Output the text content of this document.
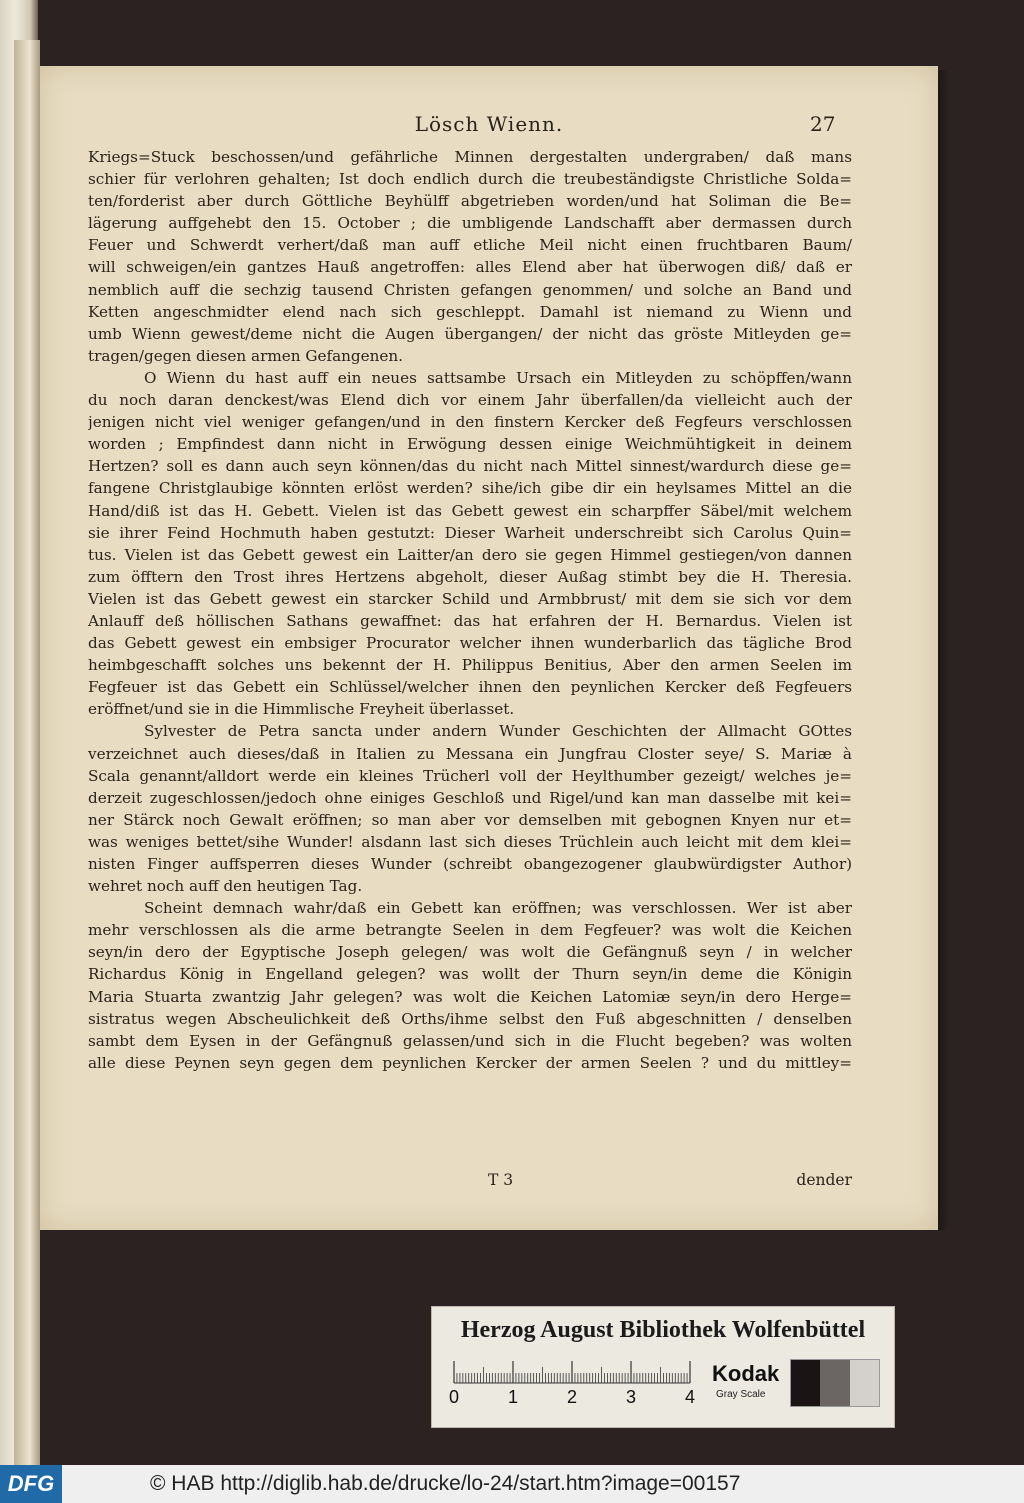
Lösch Wienn.	27
Kriegs=Stuck beschossen/und gefährliche Minnen dergestalten undergraben/ daß mans
schier für verlohren gehalten; Ist doch endlich durch die treubeständigste Christliche Solda=
ten/forderist aber durch Göttliche Beyhülff abgetrieben worden/und hat Soliman die Be=
lägerung auffgehebt den 15. October ; die umbligende Landschafft aber dermassen durch
Feuer und Schwerdt verhert/daß man auff etliche Meil nicht einen fruchtbaren Baum/
will schweigen/ein gantzes Hauß angetroffen: alles Elend aber hat überwogen diß/ daß er
nemblich auff die sechzig tausend Christen gefangen genommen/ und solche an Band und
Ketten angeschmidter elend nach sich geschleppt. Damahl ist niemand zu Wienn und
umb Wienn gewest/deme nicht die Augen übergangen/ der nicht das gröste Mitleyden ge=
tragen/gegen diesen armen Gefangenen.
O Wienn du hast auff ein neues sattsambe Ursach ein Mitleyden zu schöpffen/wann
du noch daran denckest/was Elend dich vor einem Jahr überfallen/da vielleicht auch der
jenigen nicht viel weniger gefangen/und in den finstern Kercker deß Fegfeurs verschlossen
worden ; Empfindest dann nicht in Erwögung dessen einige Weichmühtigkeit in deinem
Hertzen? soll es dann auch seyn können/das du nicht nach Mittel sinnest/wardurch diese ge=
fangene Christglaubige könnten erlöst werden? sihe/ich gibe dir ein heylsames Mittel an die
Hand/diß ist das H. Gebett. Vielen ist das Gebett gewest ein scharpffer Säbel/mit welchem
sie ihrer Feind Hochmuth haben gestutzt: Dieser Warheit underschreibt sich Carolus Quin=
tus. Vielen ist das Gebett gewest ein Laitter/an dero sie gegen Himmel gestiegen/von dannen
zum öfftern den Trost ihres Hertzens abgeholt, dieser Außag stimbt bey die H. Theresia.
Vielen ist das Gebett gewest ein starcker Schild und Armbbrust/ mit dem sie sich vor dem
Anlauff deß höllischen Sathans gewaffnet: das hat erfahren der H. Bernardus. Vielen ist
das Gebett gewest ein embsiger Procurator welcher ihnen wunderbarlich das tägliche Brod
heimbgeschafft solches uns bekennt der H. Philippus Benitius, Aber den armen Seelen im
Fegfeuer ist das Gebett ein Schlüssel/welcher ihnen den peynlichen Kercker deß Fegfeuers
eröffnet/und sie in die Himmlische Freyheit überlasset.
Sylvester de Petra sancta under andern Wunder Geschichten der Allmacht GOttes
verzeichnet auch dieses/daß in Italien zu Messana ein Jungfrau Closter seye/ S. Mariæ à
Scala genannt/alldort werde ein kleines Trücherl voll der Heylthumber gezeigt/ welches je=
derzeit zugeschlossen/jedoch ohne einiges Geschloß und Rigel/und kan man dasselbe mit kei=
ner Stärck noch Gewalt eröffnen; so man aber vor demselben mit gebognen Knyen nur et=
was weniges bettet/sihe Wunder! alsdann last sich dieses Trüchlein auch leicht mit dem klei=
nisten Finger auffsperren dieses Wunder (schreibt obangezogener glaubwürdigster Author)
wehret noch auff den heutigen Tag.
Scheint demnach wahr/daß ein Gebett kan eröffnen; was verschlossen. Wer ist aber
mehr verschlossen als die arme betrangte Seelen in dem Fegfeuer? was wolt die Keichen
seyn/in dero der Egyptische Joseph gelegen/ was wolt die Gefängnuß seyn / in welcher
Richardus König in Engelland gelegen? was wollt der Thurn seyn/in deme die Königin
Maria Stuarta zwantzig Jahr gelegen? was wolt die Keichen Latomiæ seyn/in dero Herge=
sistratus wegen Abscheulichkeit deß Orths/ihme selbst den Fuß abgeschnitten / denselben
sambt dem Eysen in der Gefängnuß gelassen/und sich in die Flucht begeben? was wolten
alle diese Peynen seyn gegen dem peynlichen Kercker der armen Seelen ? und du mittley=
T 3	dender
Herzog August Bibliothek Wolfenbüttel
0	1	2	3	4
Kodak
Gray Scale
DFG	© HAB http://diglib.hab.de/drucke/lo-24/start.htm?image=00157
